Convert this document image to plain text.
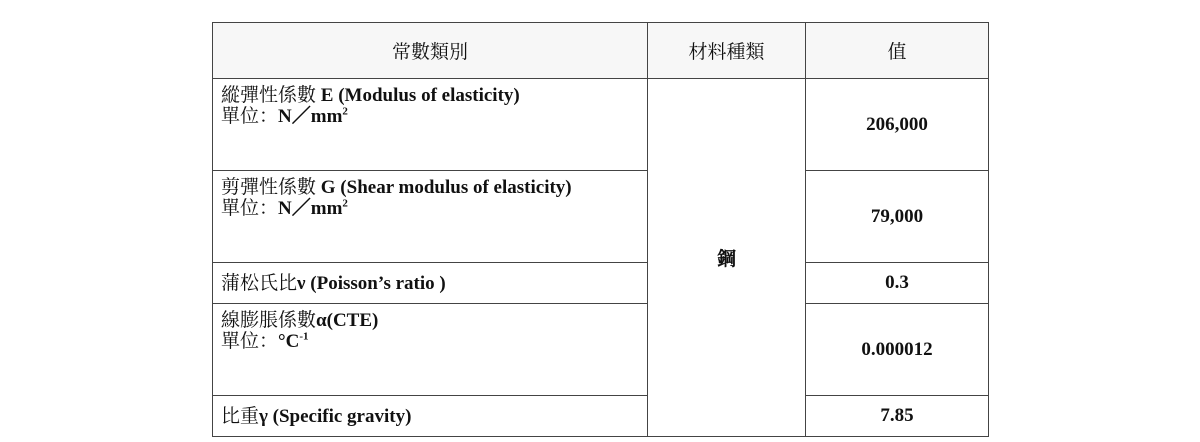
常數類別	材料種類	值

縱彈性係數 E (Modulus of elasticity)
單位：$N/mm^2$	鋼	206,000

剪彈性係數 G (Shear modulus of elasticity)
單位：$N/mm^2$		79,000

蒲松氏比ν (Poisson’s ratio )		0.3

線膨脹係數α(CTE)
單位：$^\circ C^{-1}$		0.000012

比重γ (Specific gravity)		7.85
